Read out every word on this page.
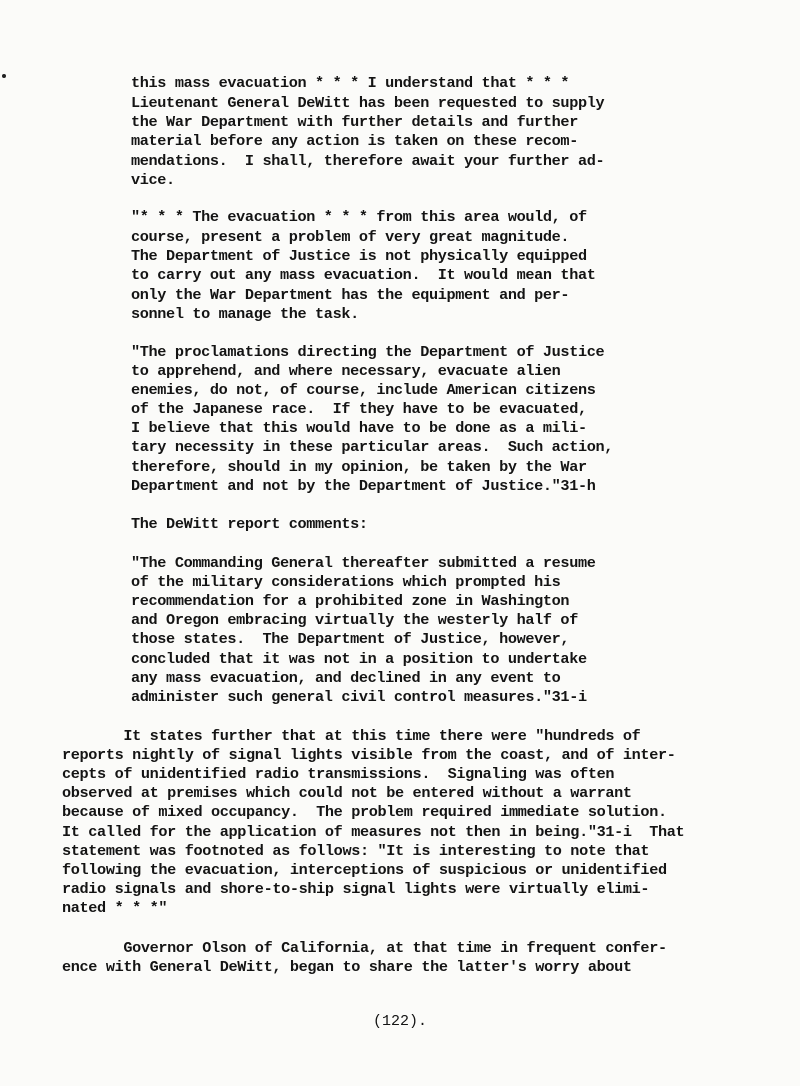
this mass evacuation * * * I understand that * * *
Lieutenant General DeWitt has been requested to supply
the War Department with further details and further
material before any action is taken on these recom-
mendations.  I shall, therefore await your further ad-
vice.
"* * * The evacuation * * * from this area would, of
course, present a problem of very great magnitude.
The Department of Justice is not physically equipped
to carry out any mass evacuation.  It would mean that
only the War Department has the equipment and per-
sonnel to manage the task.
"The proclamations directing the Department of Justice
to apprehend, and where necessary, evacuate alien
enemies, do not, of course, include American citizens
of the Japanese race.  If they have to be evacuated,
I believe that this would have to be done as a mili-
tary necessity in these particular areas.  Such action,
therefore, should in my opinion, be taken by the War
Department and not by the Department of Justice."31-h
The DeWitt report comments:
"The Commanding General thereafter submitted a resume
of the military considerations which prompted his
recommendation for a prohibited zone in Washington
and Oregon embracing virtually the westerly half of
those states.  The Department of Justice, however,
concluded that it was not in a position to undertake
any mass evacuation, and declined in any event to
administer such general civil control measures."31-i
It states further that at this time there were "hundreds of
reports nightly of signal lights visible from the coast, and of inter-
cepts of unidentified radio transmissions.  Signaling was often
observed at premises which could not be entered without a warrant
because of mixed occupancy.  The problem required immediate solution.
It called for the application of measures not then in being."31-i  That
statement was footnoted as follows: "It is interesting to note that
following the evacuation, interceptions of suspicious or unidentified
radio signals and shore-to-ship signal lights were virtually elimi-
nated * * *"
Governor Olson of California, at that time in frequent confer-
ence with General DeWitt, began to share the latter's worry about
(122).
